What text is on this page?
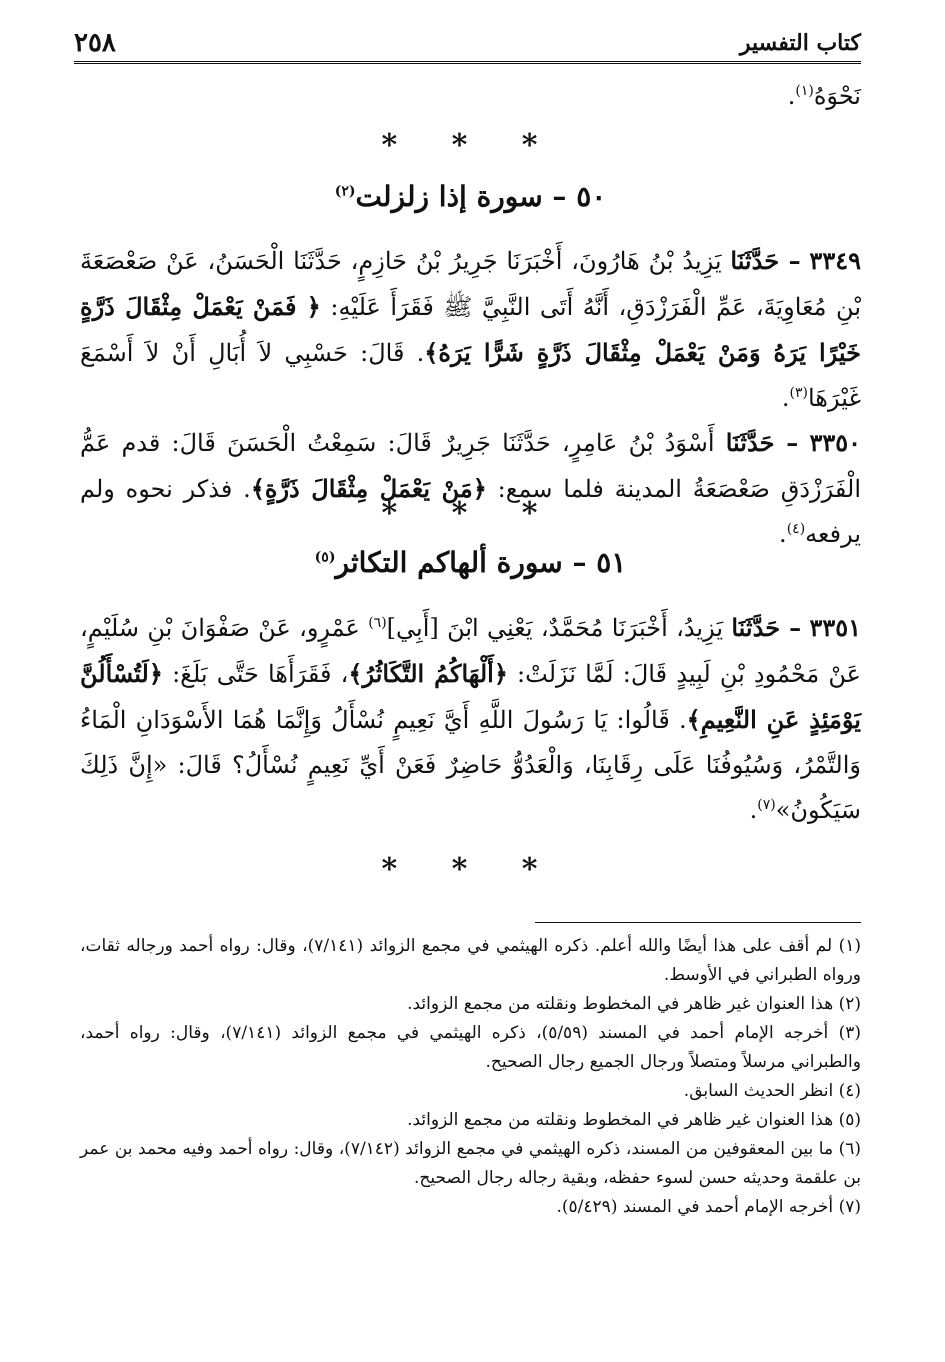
كتاب التفسير
٢٥٨
نَحْوَهُ$^{(١)}$.
* * *
٥٠ – سورة إذا زلزلت$^{(٢)}$
٣٣٤٩ – حَدَّثَنَا يَزِيدُ بْنُ هَارُونَ، أَخْبَرَنَا جَرِيرُ بْنُ حَازِمٍ، حَدَّثَنَا الْحَسَنُ، عَنْ صَعْصَعَةَ بْنِ مُعَاوِيَةَ، عَمِّ الْفَرَزْدَقِ، أَنَّهُ أَتَى النَّبِيَّ ﷺ فَقَرَأَ عَلَيْهِ: ﴿ فَمَنْ يَعْمَلْ مِثْقَالَ ذَرَّةٍ خَيْرًا يَرَهُ وَمَنْ يَعْمَلْ مِثْقَالَ ذَرَّةٍ شَرًّا يَرَهُ﴾. قَالَ: حَسْبِي لاَ أُبَالِ أَنْ لاَ أَسْمَعَ غَيْرَهَا$^{(٣)}$.
٣٣٥٠ – حَدَّثَنَا أَسْوَدُ بْنُ عَامِرٍ، حَدَّثَنَا جَرِيرٌ قَالَ: سَمِعْتُ الْحَسَنَ قَالَ: قدم عَمُّ الْفَرَزْدَقِ صَعْصَعَةُ المدينة فلما سمع: ﴿مَنْ يَعْمَلْ مِثْقَالَ ذَرَّةٍ﴾. فذكر نحوه ولم يرفعه$^{(٤)}$.
* * *
٥١ – سورة ألهاكم التكاثر$^{(٥)}$
٣٣٥١ – حَدَّثَنَا يَزِيدُ، أَخْبَرَنَا مُحَمَّدٌ، يَعْنِي ابْنَ [أَبِي]$^{(٦)}$ عَمْرٍو، عَنْ صَفْوَانَ بْنِ سُلَيْمٍ، عَنْ مَحْمُودِ بْنِ لَبِيدٍ قَالَ: لَمَّا نَزَلَتْ: ﴿أَلْهَاكُمُ التَّكَاثُرُ﴾، فَقَرَأَهَا حَتَّى بَلَغَ: ﴿لَتُسْأَلُنَّ يَوْمَئِذٍ عَنِ النَّعِيمِ﴾. قَالُوا: يَا رَسُولَ اللَّهِ أَيَّ نَعِيمٍ نُسْأَلُ وَإِنَّمَا هُمَا الأَسْوَدَانِ الْمَاءُ وَالتَّمْرُ، وَسُيُوفُنَا عَلَى رِقَابِنَا، وَالْعَدُوُّ حَاضِرٌ فَعَنْ أَيِّ نَعِيمٍ نُسْأَلُ؟ قَالَ: «إِنَّ ذَلِكَ سَيَكُونُ»$^{(٧)}$.
* * *
(١) لم أقف على هذا أيضًا والله أعلم. ذكره الهيثمي في مجمع الزوائد (٧/١٤١)، وقال: رواه أحمد ورجاله ثقات، ورواه الطبراني في الأوسط.
(٢) هذا العنوان غير ظاهر في المخطوط ونقلته من مجمع الزوائد.
(٣) أخرجه الإمام أحمد في المسند (٥/٥٩)، ذكره الهيثمي في مجمع الزوائد (٧/١٤١)، وقال: رواه أحمد، والطبراني مرسلاً ومتصلاً ورجال الجميع رجال الصحيح.
(٤) انظر الحديث السابق.
(٥) هذا العنوان غير ظاهر في المخطوط ونقلته من مجمع الزوائد.
(٦) ما بين المعقوفين من المسند، ذكره الهيثمي في مجمع الزوائد (٧/١٤٢)، وقال: رواه أحمد وفيه محمد بن عمر بن علقمة وحديثه حسن لسوء حفظه، وبقية رجاله رجال الصحيح.
(٧) أخرجه الإمام أحمد في المسند (٥/٤٢٩).
